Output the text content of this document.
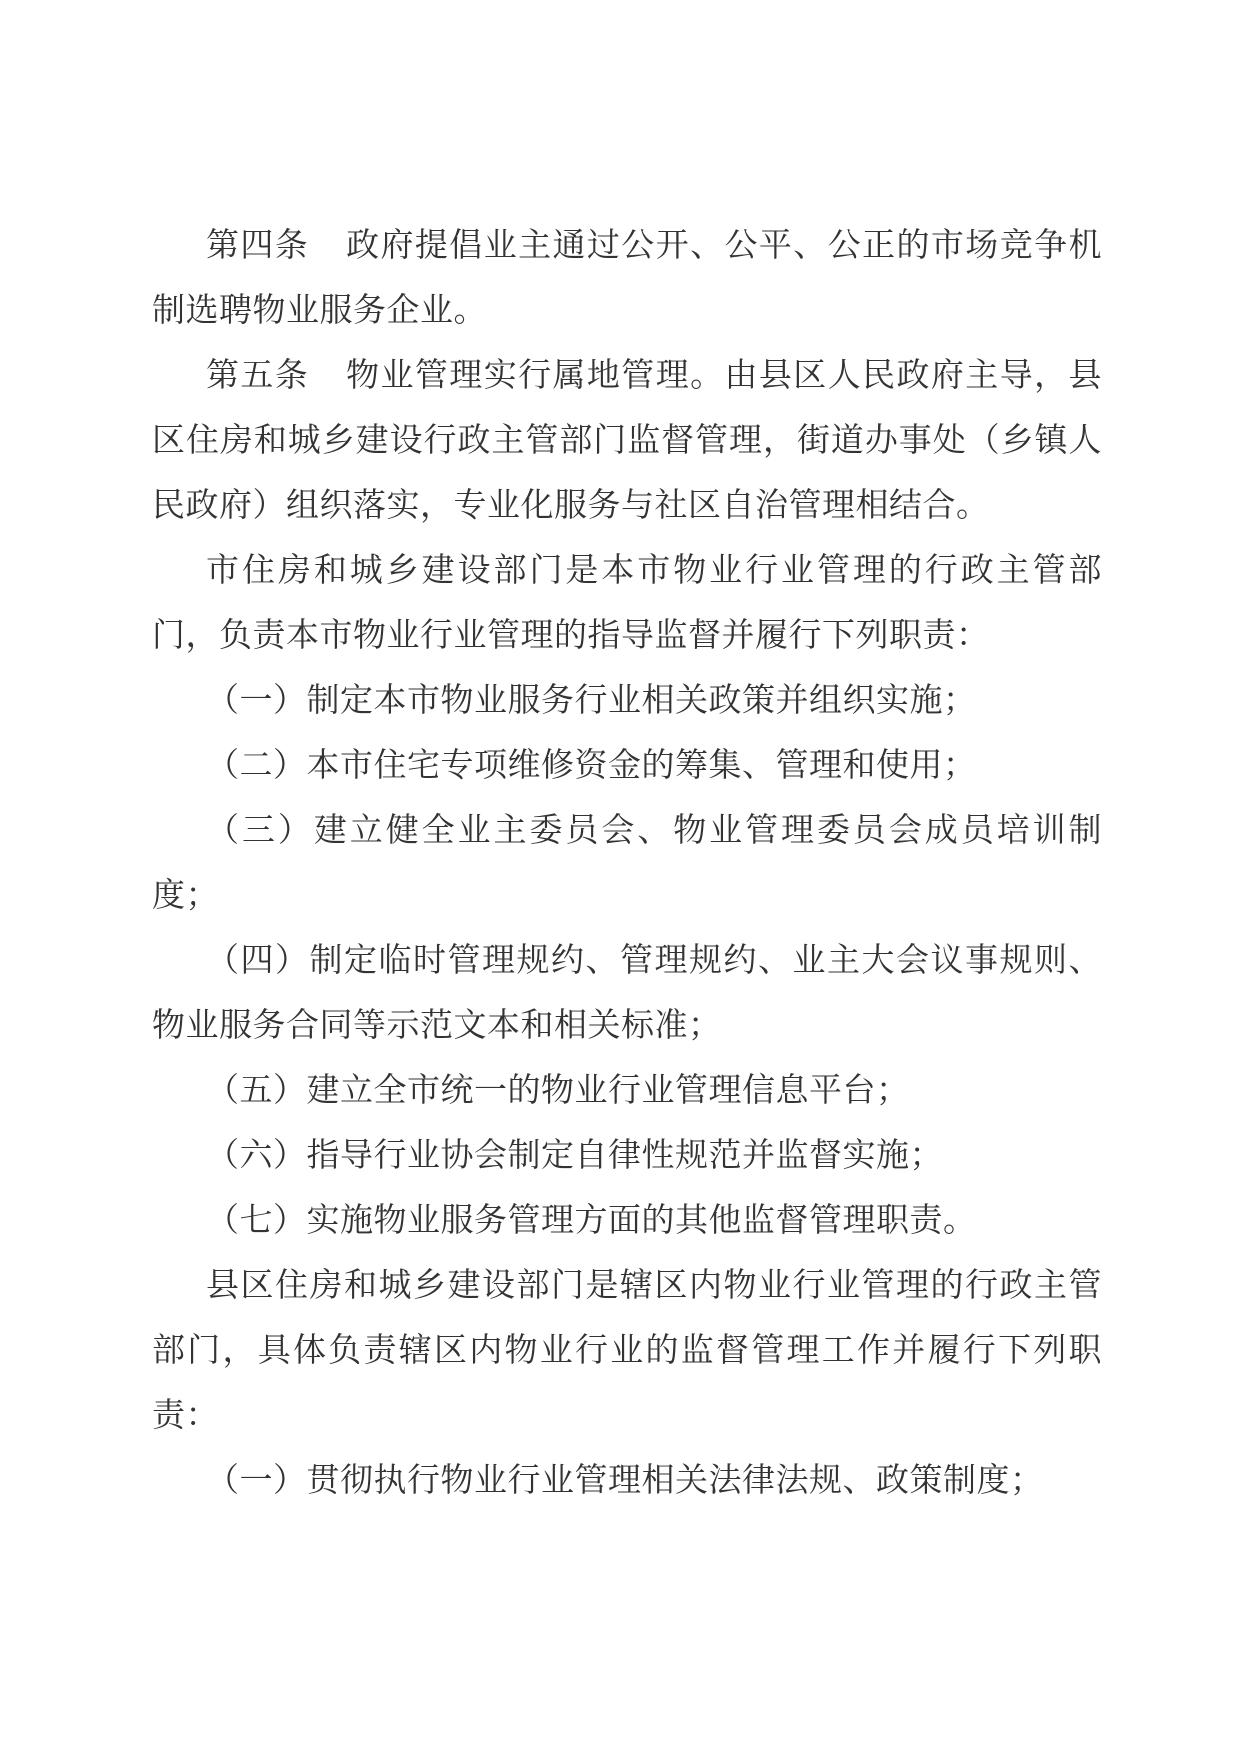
第四条 政府提倡业主通过公开、公平、公正的市场竞争机制选聘物业服务企业。

第五条 物业管理实行属地管理。由县区人民政府主导，县区住房和城乡建设行政主管部门监督管理，街道办事处（乡镇人民政府）组织落实，专业化服务与社区自治管理相结合。

市住房和城乡建设部门是本市物业行业管理的行政主管部门，负责本市物业行业管理的指导监督并履行下列职责：

（一）制定本市物业服务行业相关政策并组织实施；

（二）本市住宅专项维修资金的筹集、管理和使用；

（三）建立健全业主委员会、物业管理委员会成员培训制度；

（四）制定临时管理规约、管理规约、业主大会议事规则、物业服务合同等示范文本和相关标准；

（五）建立全市统一的物业行业管理信息平台；

（六）指导行业协会制定自律性规范并监督实施；

（七）实施物业服务管理方面的其他监督管理职责。

县区住房和城乡建设部门是辖区内物业行业管理的行政主管部门，具体负责辖区内物业行业的监督管理工作并履行下列职责：

（一）贯彻执行物业行业管理相关法律法规、政策制度；
